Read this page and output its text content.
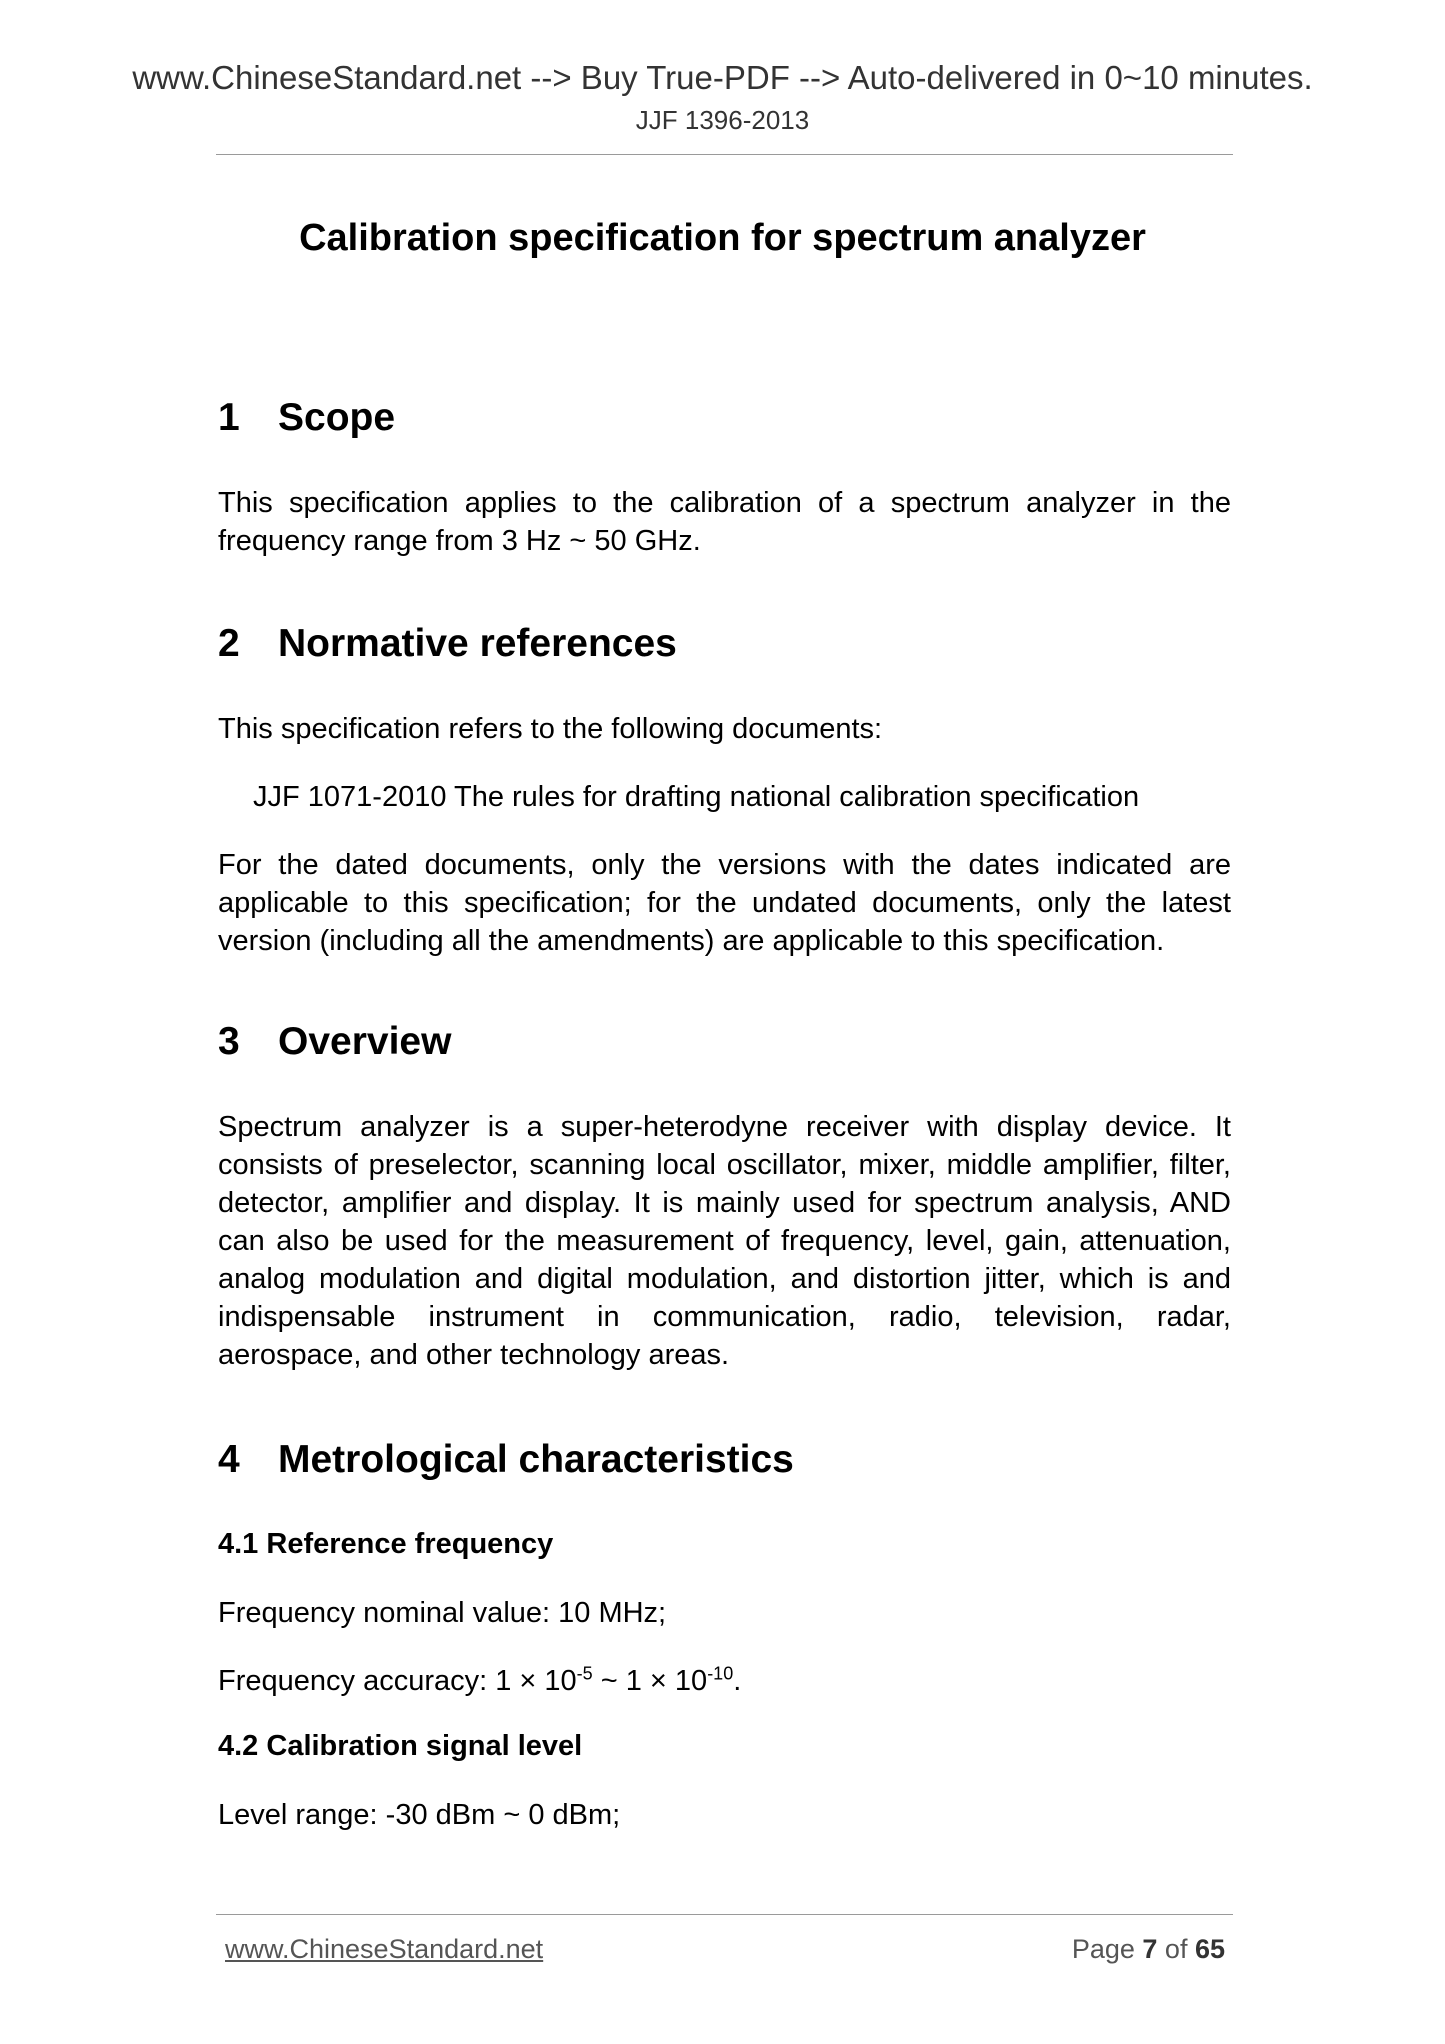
www.ChineseStandard.net --> Buy True-PDF --> Auto-delivered in 0~10 minutes.
JJF 1396-2013
Calibration specification for spectrum analyzer
1 Scope
This specification applies to the calibration of a spectrum analyzer in the frequency range from 3 Hz ~ 50 GHz.
2 Normative references
This specification refers to the following documents:
JJF 1071-2010 The rules for drafting national calibration specification
For the dated documents, only the versions with the dates indicated are applicable to this specification; for the undated documents, only the latest version (including all the amendments) are applicable to this specification.
3 Overview
Spectrum analyzer is a super-heterodyne receiver with display device. It consists of preselector, scanning local oscillator, mixer, middle amplifier, filter, detector, amplifier and display. It is mainly used for spectrum analysis, AND can also be used for the measurement of frequency, level, gain, attenuation, analog modulation and digital modulation, and distortion jitter, which is and indispensable instrument in communication, radio, television, radar, aerospace, and other technology areas.
4 Metrological characteristics
4.1 Reference frequency
Frequency nominal value: 10 MHz;
Frequency accuracy: $1 \times 10^{-5}$ ~ $1 \times 10^{-10}$.
4.2 Calibration signal level
Level range: -30 dBm ~ 0 dBm;
www.ChineseStandard.net	Page 7 of 65
